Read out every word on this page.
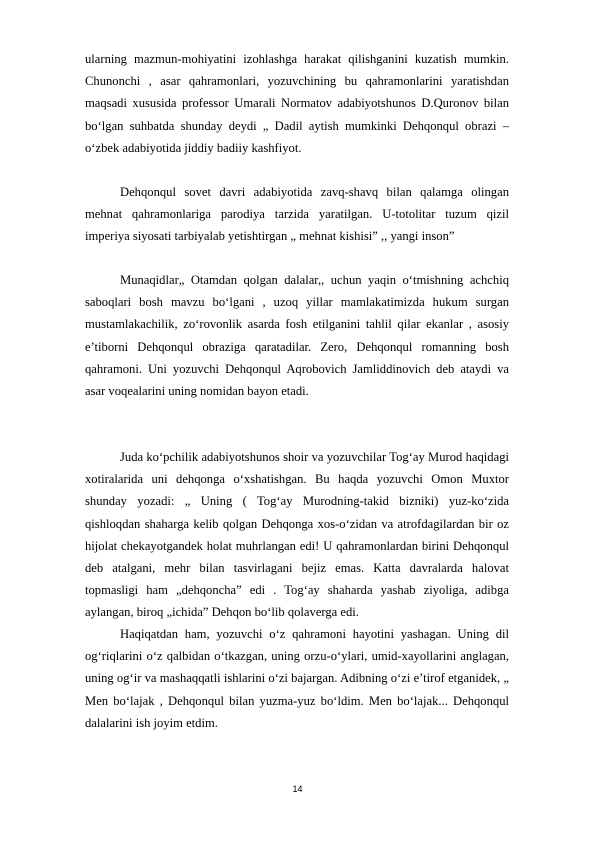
ularning mazmun-mohiyatini izohlashga harakat qilishganini kuzatish mumkin. Chunonchi , asar qahramonlari, yozuvchining bu qahramonlarini yaratishdan maqsadi xususida professor Umarali Normatov adabiyotshunos D.Quronov bilan bo‘lgan suhbatda shunday deydi „ Dadil aytish mumkinki Dehqonqul obrazi – o‘zbek adabiyotida jiddiy badiiy kashfiyot.

Dehqonqul sovet davri adabiyotida zavq-shavq bilan qalamga olingan mehnat qahramonlariga parodiya tarzida yaratilgan. U-totolitar tuzum qizil imperiya siyosati tarbiyalab yetishtirgan „ mehnat kishisi” ,, yangi inson”

Munaqidlar„ Otamdan qolgan dalalar,, uchun yaqin o‘tmishning achchiq saboqlari bosh mavzu bo‘lgani , uzoq yillar mamlakatimizda hukum surgan mustamlakachilik, zo‘rovonlik asarda fosh etilganini tahlil qilar ekanlar , asosiy e’tiborni Dehqonqul obraziga qaratadilar. Zero, Dehqonqul romanning bosh qahramoni. Uni yozuvchi Dehqonqul Aqrobovich Jamliddinovich deb ataydi va asar voqealarini uning nomidan bayon etadi.

Juda ko‘pchilik adabiyotshunos shoir va yozuvchilar Tog‘ay Murod haqidagi xotiralarida uni dehqonga o‘xshatishgan. Bu haqda yozuvchi Omon Muxtor shunday yozadi: „ Uning ( Tog‘ay Murodning-takid bizniki) yuz-ko‘zida qishloqdan shaharga kelib qolgan Dehqonga xos-o‘zidan va atrofdagilardan bir oz hijolat chekayotgandek holat muhrlangan edi! U qahramonlardan birini Dehqonqul deb atalgani, mehr bilan tasvirlagani bejiz emas. Katta davralarda halovat topmasligi ham „dehqoncha” edi . Tog‘ay shaharda yashab ziyoliga, adibga aylangan, biroq „ichida” Dehqon bo‘lib qolaverga edi.

Haqiqatdan ham, yozuvchi o‘z qahramoni hayotini yashagan. Uning dil og‘riqlarini o‘z qalbidan o‘tkazgan, uning orzu-o‘ylari, umid-xayollarini anglagan, uning og‘ir va mashaqqatli ishlarini o‘zi bajargan. Adibning o‘zi e’tirof etganidek, „ Men bo‘lajak , Dehqonqul bilan yuzma-yuz bo‘ldim. Men bo‘lajak... Dehqonqul dalalarini ish joyim etdim.

14
